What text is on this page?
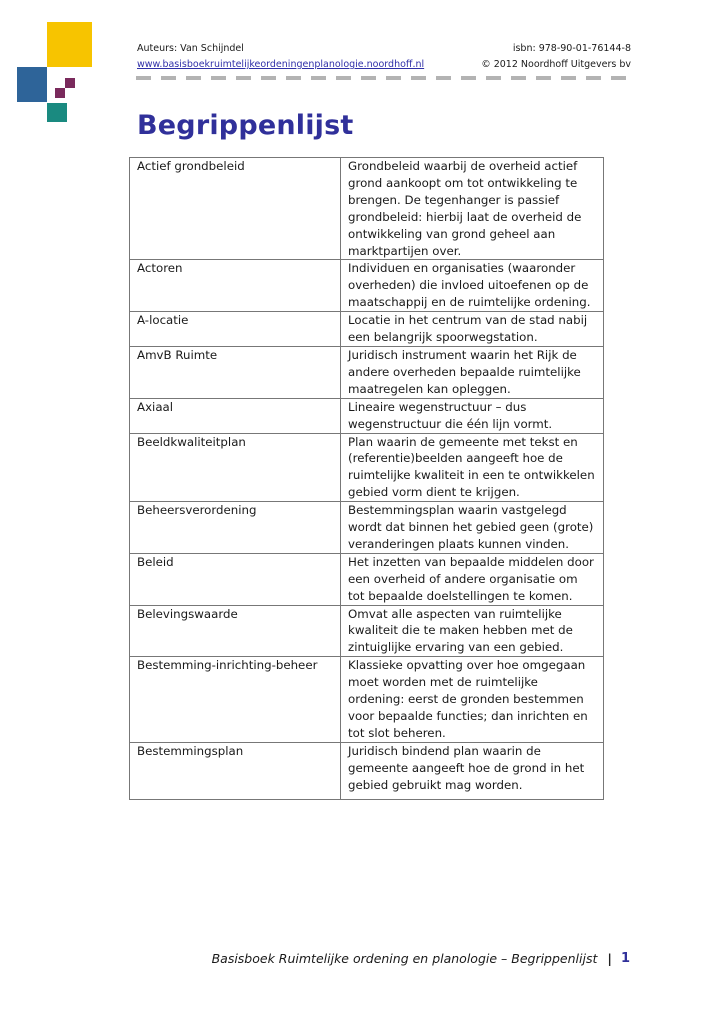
Auteurs: Van Schijndel	isbn: 978-90-01-76144-8
www.basisboekruimtelijkeordeningenplanologie.noordhoff.nl	© 2012 Noordhoff Uitgevers bv
Begrippenlijst
Actief grondbeleid	Grondbeleid waarbij de overheid actief grond aankoopt om tot ontwikkeling te brengen. De tegenhanger is passief grondbeleid: hierbij laat de overheid de ontwikkeling van grond geheel aan marktpartijen over.
Actoren	Individuen en organisaties (waaronder overheden) die invloed uitoefenen op de maatschappij en de ruimtelijke ordening.
A-locatie	Locatie in het centrum van de stad nabij een belangrijk spoorwegstation.
AmvB Ruimte	Juridisch instrument waarin het Rijk de andere overheden bepaalde ruimtelijke maatregelen kan opleggen.
Axiaal	Lineaire wegenstructuur – dus wegenstructuur die één lijn vormt.
Beeldkwaliteitplan	Plan waarin de gemeente met tekst en (referentie)beelden aangeeft hoe de ruimtelijke kwaliteit in een te ontwikkelen gebied vorm dient te krijgen.
Beheersverordening	Bestemmingsplan waarin vastgelegd wordt dat binnen het gebied geen (grote) veranderingen plaats kunnen vinden.
Beleid	Het inzetten van bepaalde middelen door een overheid of andere organisatie om tot bepaalde doelstellingen te komen.
Belevingswaarde	Omvat alle aspecten van ruimtelijke kwaliteit die te maken hebben met de zintuiglijke ervaring van een gebied.
Bestemming-inrichting-beheer	Klassieke opvatting over hoe omgegaan moet worden met de ruimtelijke ordening: eerst de gronden bestemmen voor bepaalde functies; dan inrichten en tot slot beheren.
Bestemmingsplan	Juridisch bindend plan waarin de gemeente aangeeft hoe de grond in het gebied gebruikt mag worden.
Basisboek Ruimtelijke ordening en planologie – Begrippenlijst | 1
